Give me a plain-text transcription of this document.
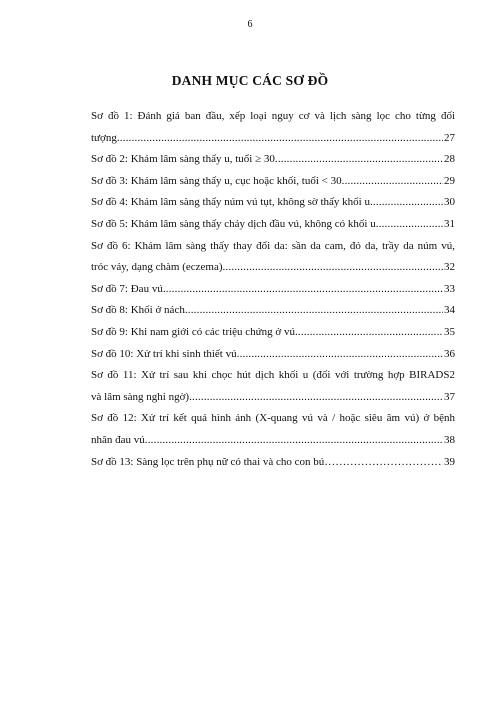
6
DANH MỤC CÁC SƠ ĐỒ
Sơ đồ 1: Đánh giá ban đầu, xếp loại nguy cơ và lịch sàng lọc cho từng đối
tượng .....	27
Sơ đồ 2: Khám lâm sàng thấy u, tuổi ≥ 30 .....	28
Sơ đồ 3: Khám lâm sàng thấy u, cục hoặc khối, tuổi < 30 .....	29
Sơ đồ 4: Khám lâm sàng thấy núm vú tụt, không sờ thấy khối u .....	30
Sơ đồ 5: Khám lâm sàng thấy chảy dịch đầu vú, không có khối u .....	31
Sơ đồ 6: Khám lâm sàng thấy thay đổi da: sần da cam, đỏ da, trầy da núm vú,
tróc vảy, dạng chàm (eczema) .....	32
Sơ đồ 7: Đau vú .....	33
Sơ đồ 8: Khối ở nách .....	34
Sơ đồ 9: Khi nam giới có các triệu chứng ở vú .....	35
Sơ đồ 10: Xử trí khi sinh thiết vú .....	36
Sơ đồ 11: Xử trí sau khi chọc hút dịch khối u (đối với trường hợp BIRADS2
và lâm sàng nghi ngờ) .....	37
Sơ đồ 12: Xử trí kết quả hình ảnh (X-quang vú và / hoặc siêu âm vú) ở bệnh
nhân đau vú .....	38
Sơ đồ 13: Sàng lọc trên phụ nữ có thai và cho con bú ………………………………………………………………………………………	39
